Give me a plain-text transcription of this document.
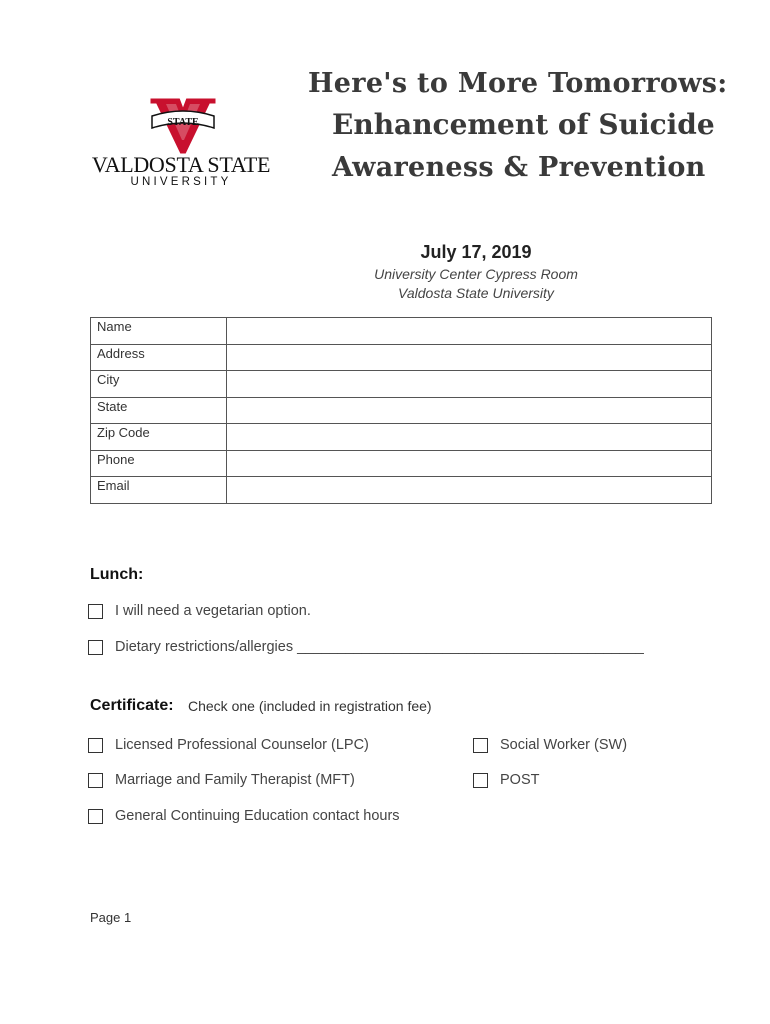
STATE
VALDOSTA STATE
UNIVERSITY
Here's to More Tomorrows:
Enhancement of Suicide
Awareness & Prevention
July 17, 2019
University Center Cypress Room
Valdosta State University
Name	
Address	
City	
State	
Zip Code	
Phone	
Email	
Lunch:
I will need a vegetarian option.
Dietary restrictions/allergies ___________________________________________
Certificate: Check one (included in registration fee)
Licensed Professional Counselor (LPC)	Social Worker (SW)
Marriage and Family Therapist (MFT)	POST
General Continuing Education contact hours
Page 1
